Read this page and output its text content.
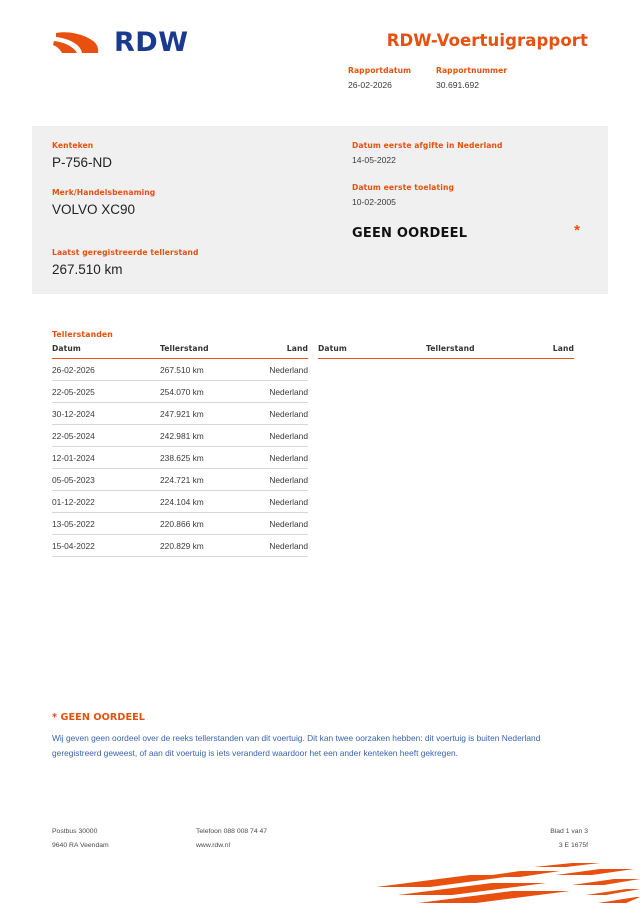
RDW	RDW-Voertuigrapport
Rapportdatum
26-02-2026
Rapportnummer
30.691.692
Kenteken
P-756-ND
Merk/Handelsbenaming
VOLVO XC90
Datum eerste afgifte in Nederland
14-05-2022
Datum eerste toelating
10-02-2005
GEEN OORDEEL	*
Laatst geregistreerde tellerstand
267.510 km
Tellerstanden
Datum	Tellerstand	Land
26-02-2026	267.510 km	Nederland
22-05-2025	254.070 km	Nederland
30-12-2024	247.921 km	Nederland
22-05-2024	242.981 km	Nederland
12-01-2024	238.625 km	Nederland
05-05-2023	224.721 km	Nederland
01-12-2022	224.104 km	Nederland
13-05-2022	220.866 km	Nederland
15-04-2022	220.829 km	Nederland
Datum	Tellerstand	Land
* GEEN OORDEEL
Wij geven geen oordeel over de reeks tellerstanden van dit voertuig. Dit kan twee oorzaken hebben: dit voertuig is buiten Nederland geregistreerd geweest, of aan dit voertuig is iets veranderd waardoor het een ander kenteken heeft gekregen.
Postbus 30000	Telefoon 088 008 74 47	Blad 1 van 3
9640 RA Veendam	www.rdw.nl	3 E 1675f
